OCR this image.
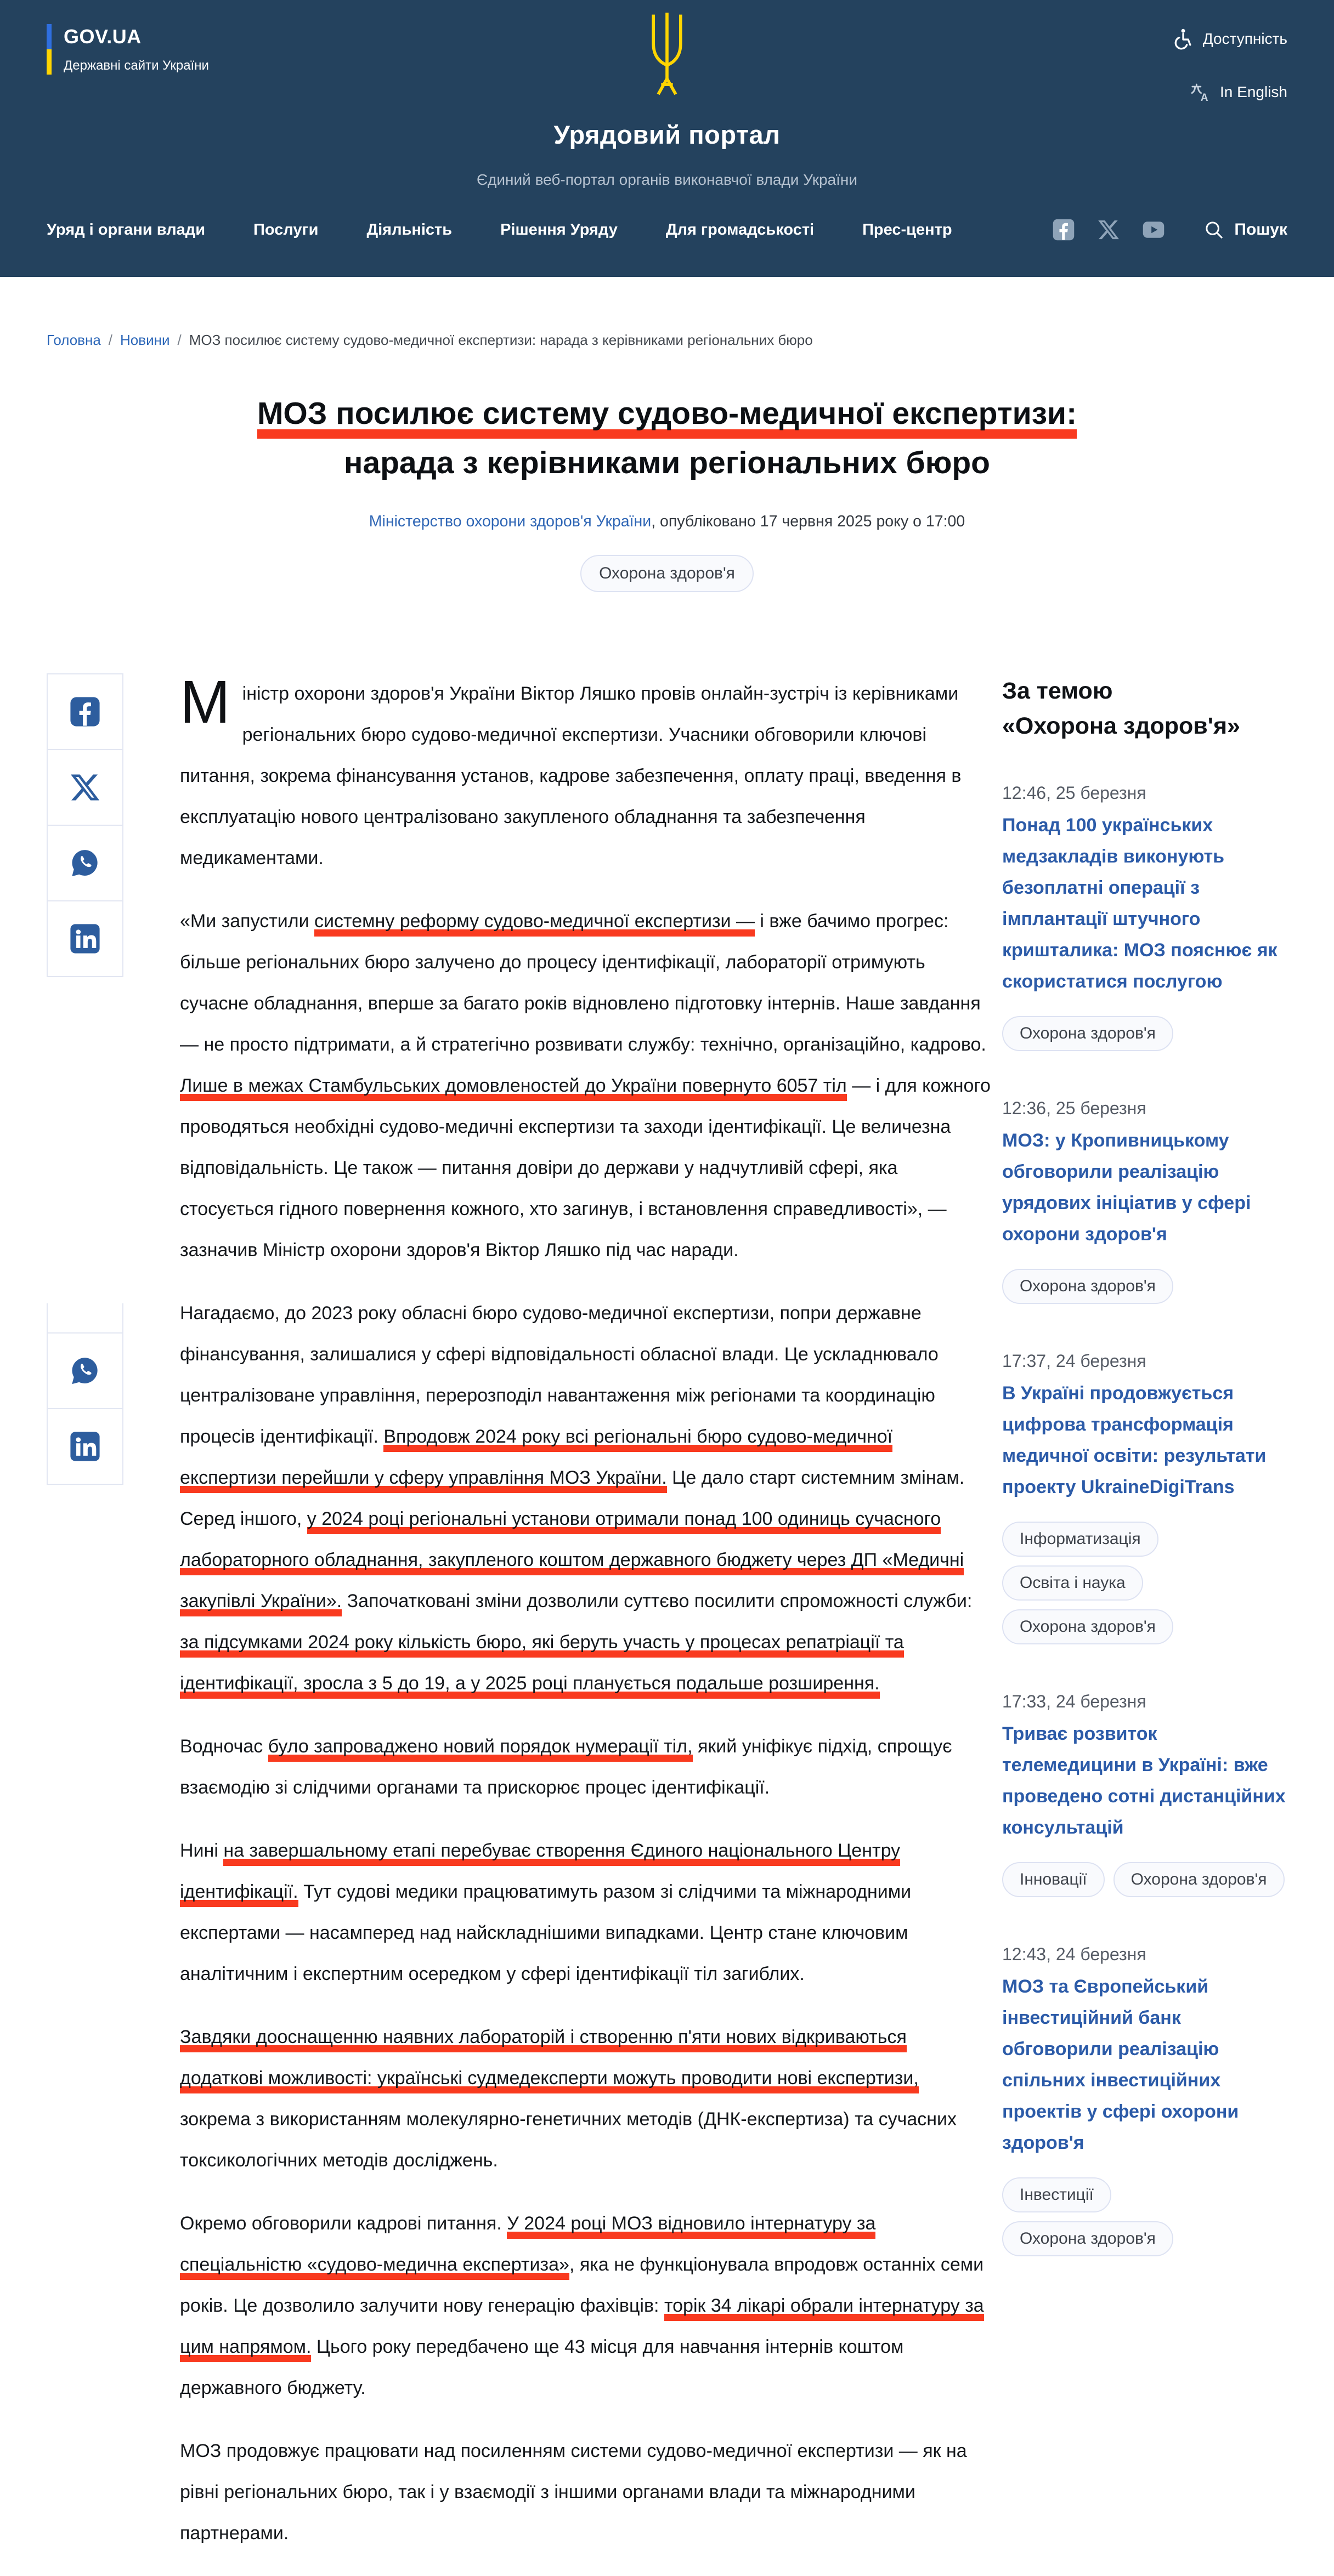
GOV.UA
Державні сайти України
Доступність
A In English
Урядовий портал
Єдиний веб-портал органів виконавчої влади України
Уряд і органи влади	Послуги	Діяльність	Рішення Уряду	Для громадськості	Прес-центр	Пошук
Головна / Новини / МОЗ посилює систему судово-медичної експертизи: нарада з керівниками регіональних бюро
МОЗ посилює систему судово-медичної експертизи:
нарада з керівниками регіональних бюро
Міністерство охорони здоров'я України, опубліковано 17 червня 2025 року о 17:00
Охорона здоров'я

Міністр охорони здоров'я України Віктор Ляшко провів онлайн-зустріч із керівниками регіональних бюро судово-медичної експертизи. Учасники обговорили ключові питання, зокрема фінансування установ, кадрове забезпечення, оплату праці, введення в експлуатацію нового централізовано закупленого обладнання та забезпечення медикаментами.

«Ми запустили системну реформу судово-медичної експертизи — і вже бачимо прогрес: більше регіональних бюро залучено до процесу ідентифікації, лабораторії отримують сучасне обладнання, вперше за багато років відновлено підготовку інтернів. Наше завдання — не просто підтримати, а й стратегічно розвивати службу: технічно, організаційно, кадрово. Лише в межах Стамбульських домовленостей до України повернуто 6057 тіл — і для кожного проводяться необхідні судово-медичні експертизи та заходи ідентифікації. Це величезна відповідальність. Це також — питання довіри до держави у надчутливій сфері, яка стосується гідного повернення кожного, хто загинув, і встановлення справедливості», — зазначив Міністр охорони здоров'я Віктор Ляшко під час наради.

Нагадаємо, до 2023 року обласні бюро судово-медичної експертизи, попри державне фінансування, залишалися у сфері відповідальності обласної влади. Це ускладнювало централізоване управління, перерозподіл навантаження між регіонами та координацію процесів ідентифікації. Впродовж 2024 року всі регіональні бюро судово-медичної експертизи перейшли у сферу управління МОЗ України. Це дало старт системним змінам. Серед іншого, у 2024 році регіональні установи отримали понад 100 одиниць сучасного лабораторного обладнання, закупленого коштом державного бюджету через ДП «Медичні закупівлі України». Започатковані зміни дозволили суттєво посилити спроможності служби: за підсумками 2024 року кількість бюро, які беруть участь у процесах репатріації та ідентифікації, зросла з 5 до 19, а у 2025 році планується подальше розширення.

Водночас було запроваджено новий порядок нумерації тіл, який уніфікує підхід, спрощує взаємодію зі слідчими органами та прискорює процес ідентифікації.

Нині на завершальному етапі перебуває створення Єдиного національного Центру ідентифікації. Тут судові медики працюватимуть разом зі слідчими та міжнародними експертами — насамперед над найскладнішими випадками. Центр стане ключовим аналітичним і експертним осередком у сфері ідентифікації тіл загиблих.

Завдяки дооснащенню наявних лабораторій і створенню п'яти нових відкриваються додаткові можливості: українські судмедексперти можуть проводити нові експертизи, зокрема з використанням молекулярно-генетичних методів (ДНК-експертиза) та сучасних токсикологічних методів досліджень.

Окремо обговорили кадрові питання. У 2024 році МОЗ відновило інтернатуру за спеціальністю «судово-медична експертиза», яка не функціонувала впродовж останніх семи років. Це дозволило залучити нову генерацію фахівців: торік 34 лікарі обрали інтернатуру за цим напрямом. Цього року передбачено ще 43 місця для навчання інтернів коштом державного бюджету.

МОЗ продовжує працювати над посиленням системи судово-медичної експертизи — як на рівні регіональних бюро, так і у взаємодії з іншими органами влади та міжнародними партнерами.

За темою
«Охорона здоров'я»
12:46, 25 березня
Понад 100 українських медзакладів виконують безоплатні операції з імплантації штучного кришталика: МОЗ пояснює як скористатися послугою
Охорона здоров'я
12:36, 25 березня
МОЗ: у Кропивницькому обговорили реалізацію урядових ініціатив у сфері охорони здоров'я
Охорона здоров'я
17:37, 24 березня
В Україні продовжується цифрова трансформація медичної освіти: результати проекту UkraineDigiTrans
Інформатизація
Освіта і наука
Охорона здоров'я
17:33, 24 березня
Триває розвиток телемедицини в Україні: вже проведено сотні дистанційних консультацій
Інновації	Охорона здоров'я
12:43, 24 березня
МОЗ та Європейський інвестиційний банк обговорили реалізацію спільних інвестиційних проектів у сфері охорони здоров'я
Інвестиції
Охорона здоров'я
